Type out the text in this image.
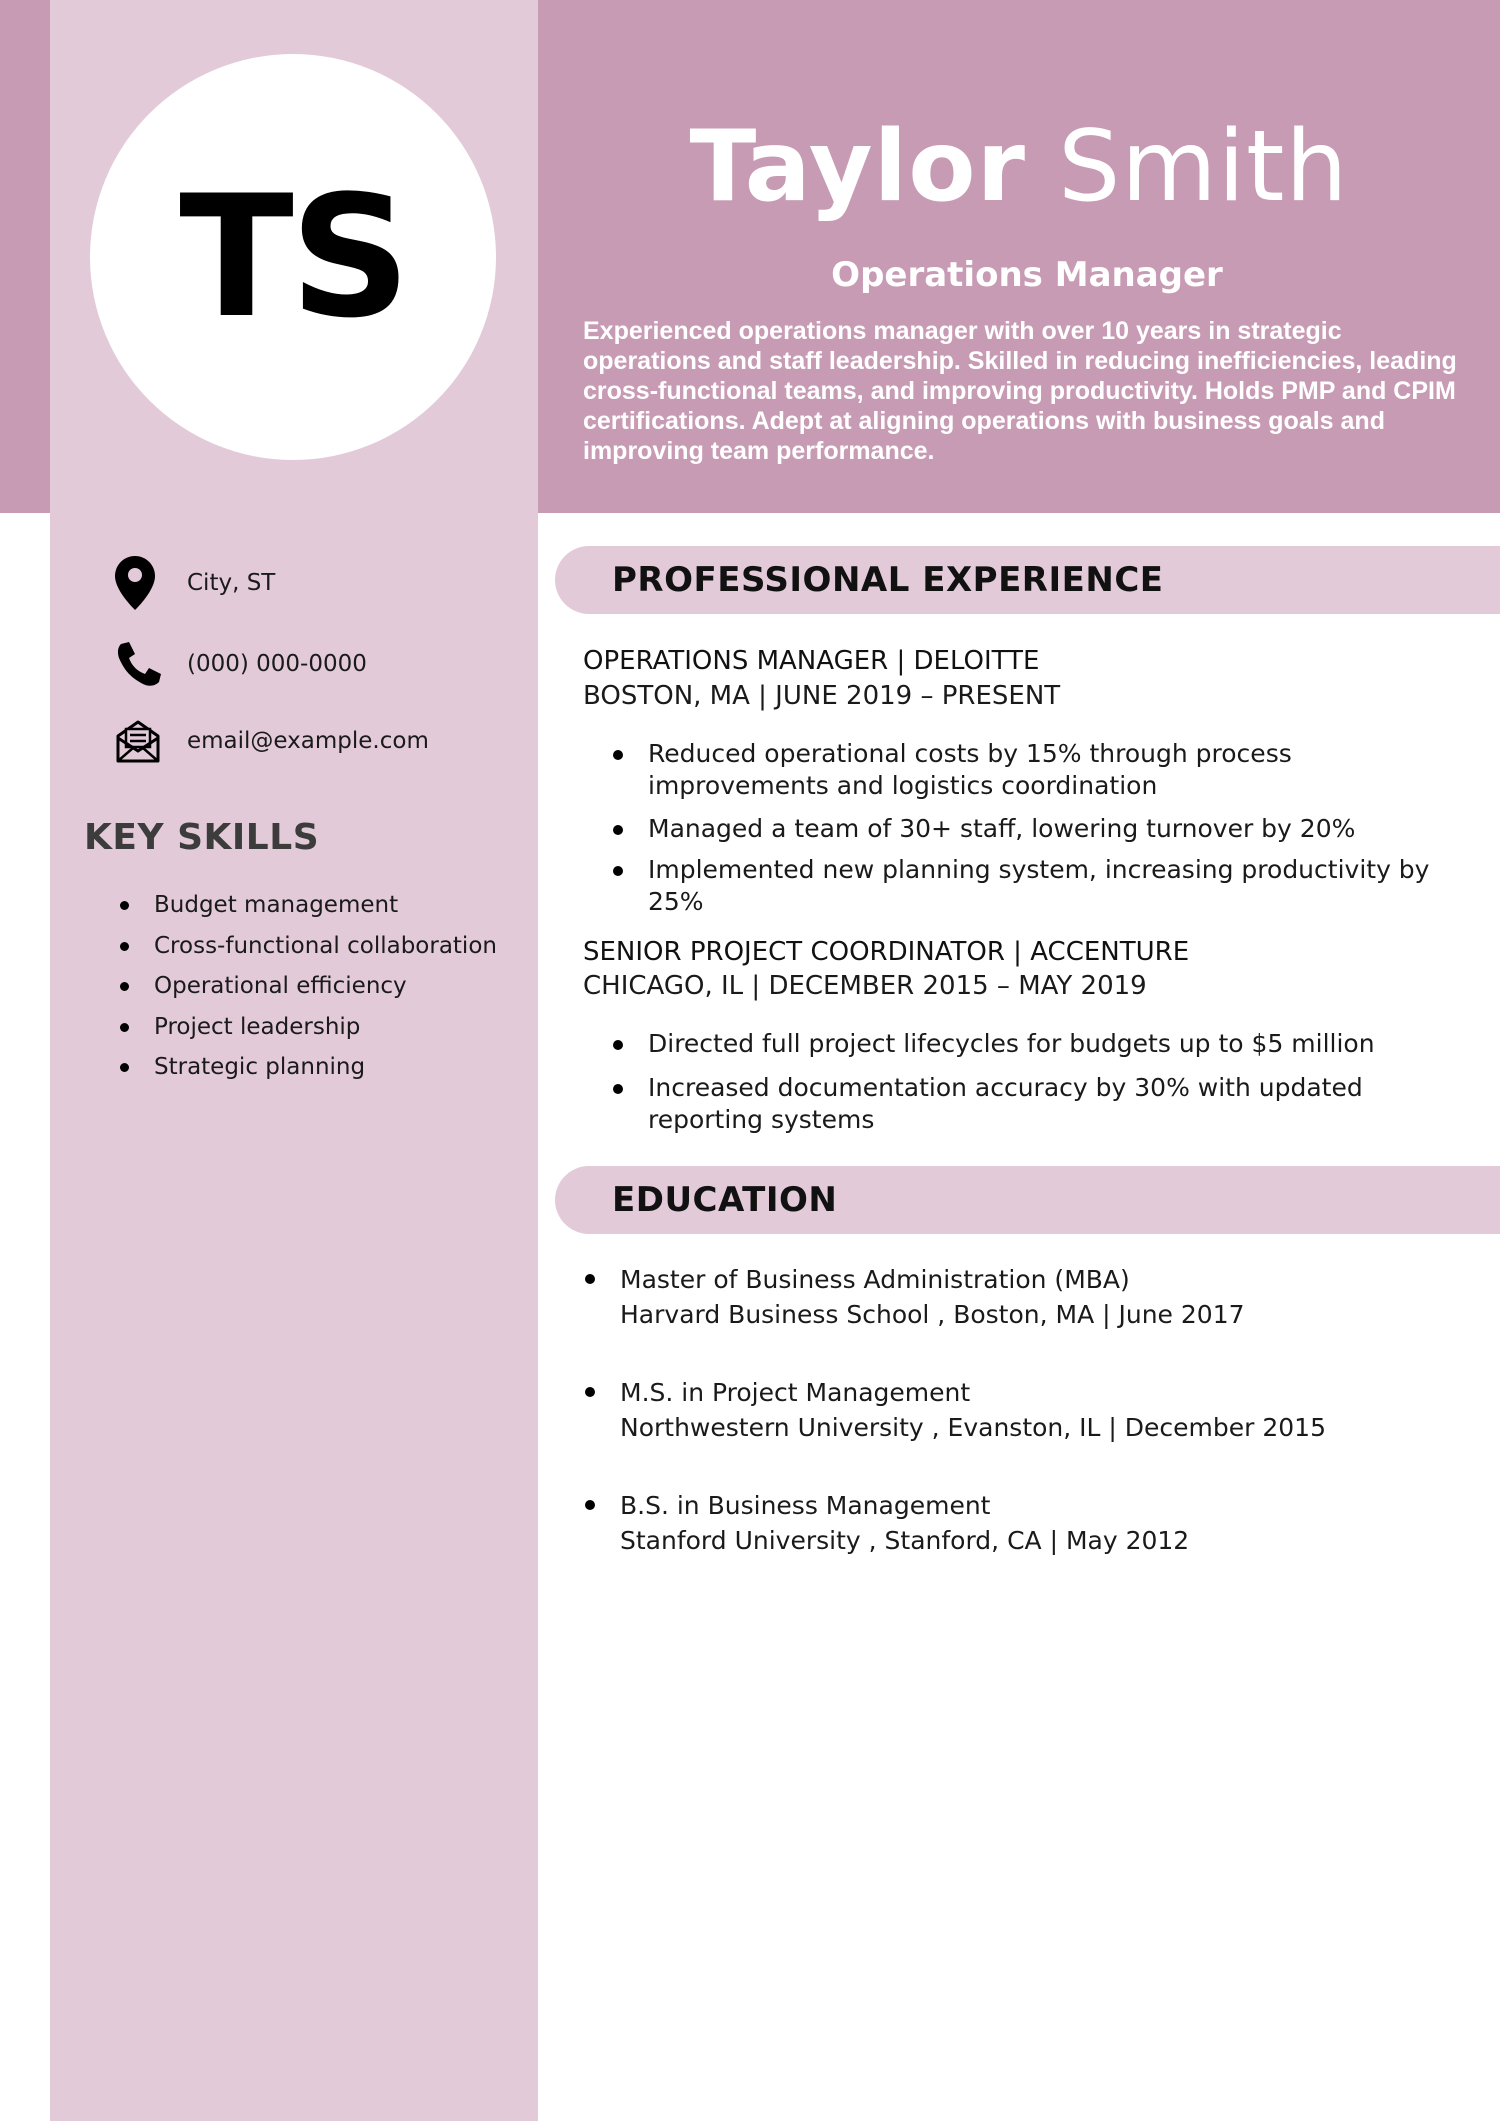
TS	Taylor Smith
Operations Manager
Experienced operations manager with over 10 years in strategic operations and staff leadership. Skilled in reducing inefficiencies, leading cross-functional teams, and improving productivity. Holds PMP and CPIM certifications. Adept at aligning operations with business goals and improving team performance.
City, ST
(000) 000-0000
email@example.com
KEY SKILLS
Budget management
Cross-functional collaboration
Operational efficiency
Project leadership
Strategic planning
PROFESSIONAL EXPERIENCE
OPERATIONS MANAGER | DELOITTE
BOSTON, MA | JUNE 2019 – PRESENT
Reduced operational costs by 15% through process improvements and logistics coordination
Managed a team of 30+ staff, lowering turnover by 20%
Implemented new planning system, increasing productivity by 25%
SENIOR PROJECT COORDINATOR | ACCENTURE
CHICAGO, IL | DECEMBER 2015 – MAY 2019
Directed full project lifecycles for budgets up to $5 million
Increased documentation accuracy by 30% with updated reporting systems
EDUCATION
Master of Business Administration (MBA)
Harvard Business School , Boston, MA | June 2017
M.S. in Project Management
Northwestern University , Evanston, IL | December 2015
B.S. in Business Management
Stanford University , Stanford, CA | May 2012
